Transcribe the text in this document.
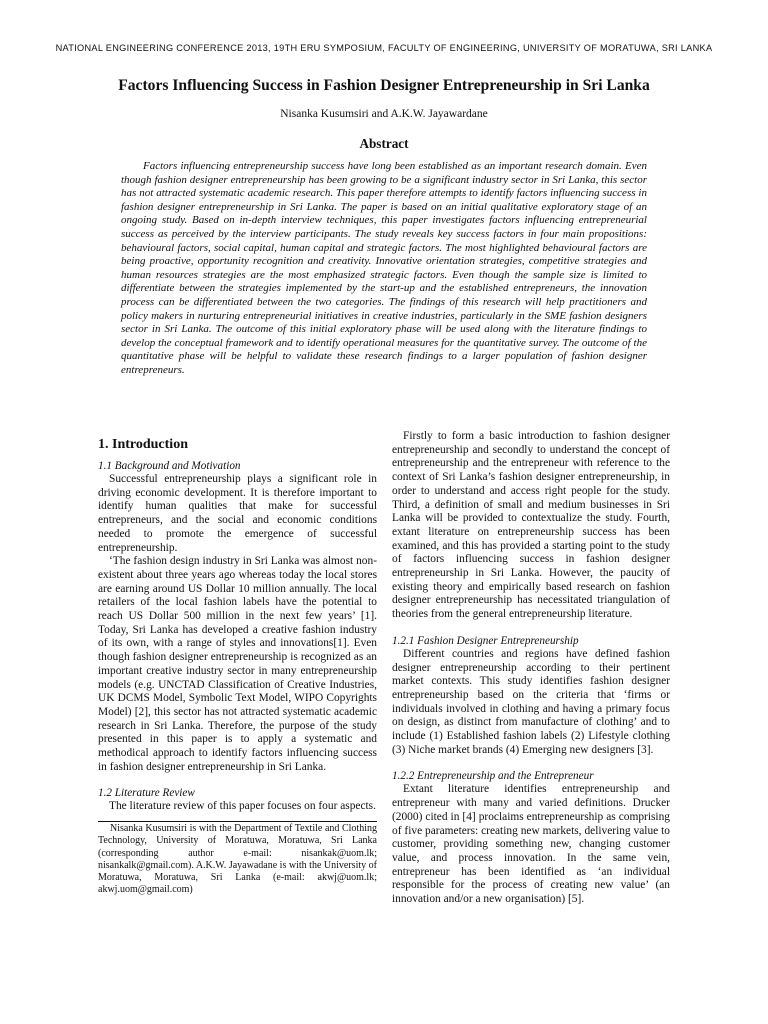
NATIONAL ENGINEERING CONFERENCE 2013, 19TH ERU SYMPOSIUM, FACULTY OF ENGINEERING, UNIVERSITY OF MORATUWA, SRI LANKA
Factors Influencing Success in Fashion Designer Entrepreneurship in Sri Lanka
Nisanka Kusumsiri and A.K.W. Jayawardane
Abstract

Factors influencing entrepreneurship success have long been established as an important research domain. Even though fashion designer entrepreneurship has been growing to be a significant industry sector in Sri Lanka, this sector has not attracted systematic academic research. This paper therefore attempts to identify factors influencing success in fashion designer entrepreneurship in Sri Lanka. The paper is based on an initial qualitative exploratory stage of an ongoing study. Based on in-depth interview techniques, this paper investigates factors influencing entrepreneurial success as perceived by the interview participants. The study reveals key success factors in four main propositions: behavioural factors, social capital, human capital and strategic factors. The most highlighted behavioural factors are being proactive, opportunity recognition and creativity. Innovative orientation strategies, competitive strategies and human resources strategies are the most emphasized strategic factors. Even though the sample size is limited to differentiate between the strategies implemented by the start-up and the established entrepreneurs, the innovation process can be differentiated between the two categories. The findings of this research will help practitioners and policy makers in nurturing entrepreneurial initiatives in creative industries, particularly in the SME fashion designers sector in Sri Lanka. The outcome of this initial exploratory phase will be used along with the literature findings to develop the conceptual framework and to identify operational measures for the quantitative survey. The outcome of the quantitative phase will be helpful to validate these research findings to a larger population of fashion designer entrepreneurs.

1. Introduction
1.1 Background and Motivation

Successful entrepreneurship plays a significant role in driving economic development. It is therefore important to identify human qualities that make for successful entrepreneurs, and the social and economic conditions needed to promote the emergence of successful entrepreneurship.

‘The fashion design industry in Sri Lanka was almost non-existent about three years ago whereas today the local stores are earning around US Dollar 10 million annually. The local retailers of the local fashion labels have the potential to reach US Dollar 500 million in the next few years’ [1]. Today, Sri Lanka has developed a creative fashion industry of its own, with a range of styles and innovations[1]. Even though fashion designer entrepreneurship is recognized as an important creative industry sector in many entrepreneurship models (e.g. UNCTAD Classification of Creative Industries, UK DCMS Model, Symbolic Text Model, WIPO Copyrights Model) [2], this sector has not attracted systematic academic research in Sri Lanka. Therefore, the purpose of the study presented in this paper is to apply a systematic and methodical approach to identify factors influencing success in fashion designer entrepreneurship in Sri Lanka.

1.2 Literature Review

The literature review of this paper focuses on four aspects.

Nisanka Kusumsiri is with the Department of Textile and Clothing Technology, University of Moratuwa, Moratuwa, Sri Lanka (corresponding author e-mail: nisankak@uom.lk; nisankalk@gmail.com). A.K.W. Jayawadane is with the University of Moratuwa, Moratuwa, Sri Lanka (e-mail: akwj@uom.lk; akwj.uom@gmail.com)

Firstly to form a basic introduction to fashion designer entrepreneurship and secondly to understand the concept of entrepreneurship and the entrepreneur with reference to the context of Sri Lanka’s fashion designer entrepreneurship, in order to understand and access right people for the study. Third, a definition of small and medium businesses in Sri Lanka will be provided to contextualize the study. Fourth, extant literature on entrepreneurship success has been examined, and this has provided a starting point to the study of factors influencing success in fashion designer entrepreneurship in Sri Lanka. However, the paucity of existing theory and empirically based research on fashion designer entrepreneurship has necessitated triangulation of theories from the general entrepreneurship literature.

1.2.1 Fashion Designer Entrepreneurship

Different countries and regions have defined fashion designer entrepreneurship according to their pertinent market contexts. This study identifies fashion designer entrepreneurship based on the criteria that ‘firms or individuals involved in clothing and having a primary focus on design, as distinct from manufacture of clothing’ and to include (1) Established fashion labels (2) Lifestyle clothing (3) Niche market brands (4) Emerging new designers [3].

1.2.2 Entrepreneurship and the Entrepreneur

Extant literature identifies entrepreneurship and entrepreneur with many and varied definitions. Drucker (2000) cited in [4] proclaims entrepreneurship as comprising of five parameters: creating new markets, delivering value to customer, providing something new, changing customer value, and process innovation. In the same vein, entrepreneur has been identified as ‘an individual responsible for the process of creating new value’ (an innovation and/or a new organisation) [5].
